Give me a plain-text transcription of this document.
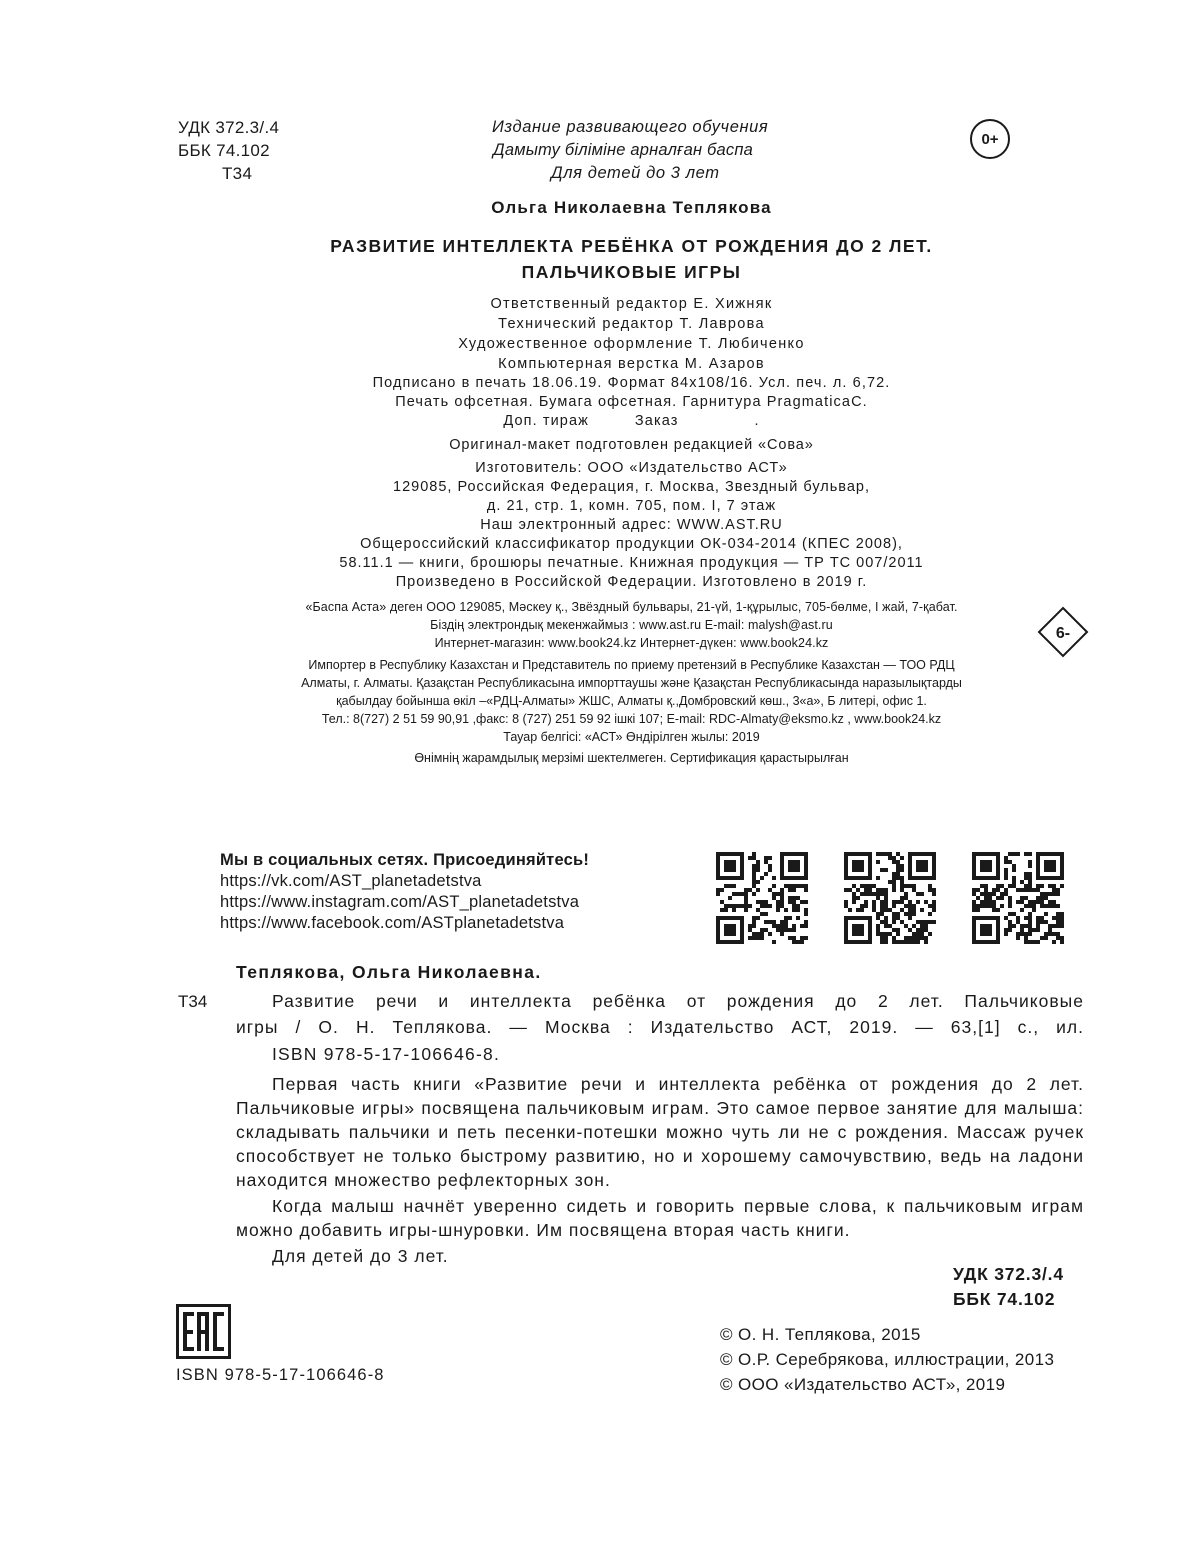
УДК 372.3/.4
ББК 74.102
Т34
Издание развивающего обучения
Дамыту біліміне арналған баспа
Для детей до 3 лет
0+
Ольга Николаевна Теплякова
РАЗВИТИЕ ИНТЕЛЛЕКТА РЕБЁНКА ОТ РОЖДЕНИЯ ДО 2 ЛЕТ.
ПАЛЬЧИКОВЫЕ ИГРЫ
Ответственный редактор Е. Хижняк
Технический редактор Т. Лаврова
Художественное оформление Т. Любиченко
Компьютерная верстка М. Азаров
Подписано в печать 18.06.19. Формат 84х108/16. Усл. печ. л. 6,72.
Печать офсетная. Бумага офсетная. Гарнитура PragmaticaC.
Доп. тираж	Заказ	.
Оригинал-макет подготовлен редакцией «Сова»
Изготовитель: ООО «Издательство АСТ»
129085, Российская Федерация, г. Москва, Звездный бульвар,
д. 21, стр. 1, комн. 705, пом. I, 7 этаж
Наш электронный адрес: WWW.AST.RU
Общероссийский классификатор продукции ОК-034-2014 (КПЕС 2008),
58.11.1 — книги, брошюры печатные. Книжная продукция — ТР ТС 007/2011
Произведено в Российской Федерации. Изготовлено в 2019 г.
«Баспа Аста» деген ООО 129085, Мәскеу қ., Звёздный бульвары, 21-үй, 1-құрылыс, 705-бөлме, I жай, 7-қабат.
Біздің электрондық мекенжаймыз : www.ast.ru E-mail: malysh@ast.ru
Интернет-магазин: www.book24.kz Интернет-дүкен: www.book24.kz
6-
Импортер в Республику Казахстан и Представитель по приему претензий в Республике Казахстан — ТОО РДЦ
Алматы, г. Алматы. Қазақстан Республикасына импорттаушы және Қазақстан Республикасында наразылықтарды
қабылдау бойынша өкіл –«РДЦ-Алматы» ЖШС, Алматы қ.,Домбровский көш., 3«а», Б литері, офис 1.
Тел.: 8(727) 2 51 59 90,91 ,факс: 8 (727) 251 59 92 ішкі 107; E-mail: RDC-Almaty@eksmo.kz , www.book24.kz
Тауар белгісі: «АСТ» Өндірілген жылы: 2019
Өнімнің жарамдылық мерзімі шектелмеген. Сертификация қарастырылған
Мы в социальных сетях. Присоединяйтесь!
https://vk.com/AST_planetadetstva
https://www.instagram.com/AST_planetadetstva
https://www.facebook.com/ASTplanetadetstva
Теплякова, Ольга Николаевна.
Т34	Развитие речи и интеллекта ребёнка от рождения до 2 лет. Пальчиковые

игры / О. Н. Теплякова. — Москва : Издательство АСТ, 2019. — 63,[1] с., ил.

ISBN 978-5-17-106646-8.

Первая часть книги «Развитие речи и интеллекта ребёнка от рождения до 2 лет. Пальчиковые игры» посвящена пальчиковым играм. Это самое первое занятие для малыша: складывать пальчики и петь песенки-потешки можно чуть ли не с рождения. Массаж ручек способствует не только быстрому развитию, но и хорошему самочувствию, ведь на ладони находится множество рефлекторных зон.

Когда малыш начнёт уверенно сидеть и говорить первые слова, к пальчиковым играм можно добавить игры-шнуровки. Им посвящена вторая часть книги.

Для детей до 3 лет.

УДК 372.3/.4
ББК 74.102
ISBN 978-5-17-106646-8
© О. Н. Теплякова, 2015
© О.Р. Серебрякова, иллюстрации, 2013
© ООО «Издательство АСТ», 2019
